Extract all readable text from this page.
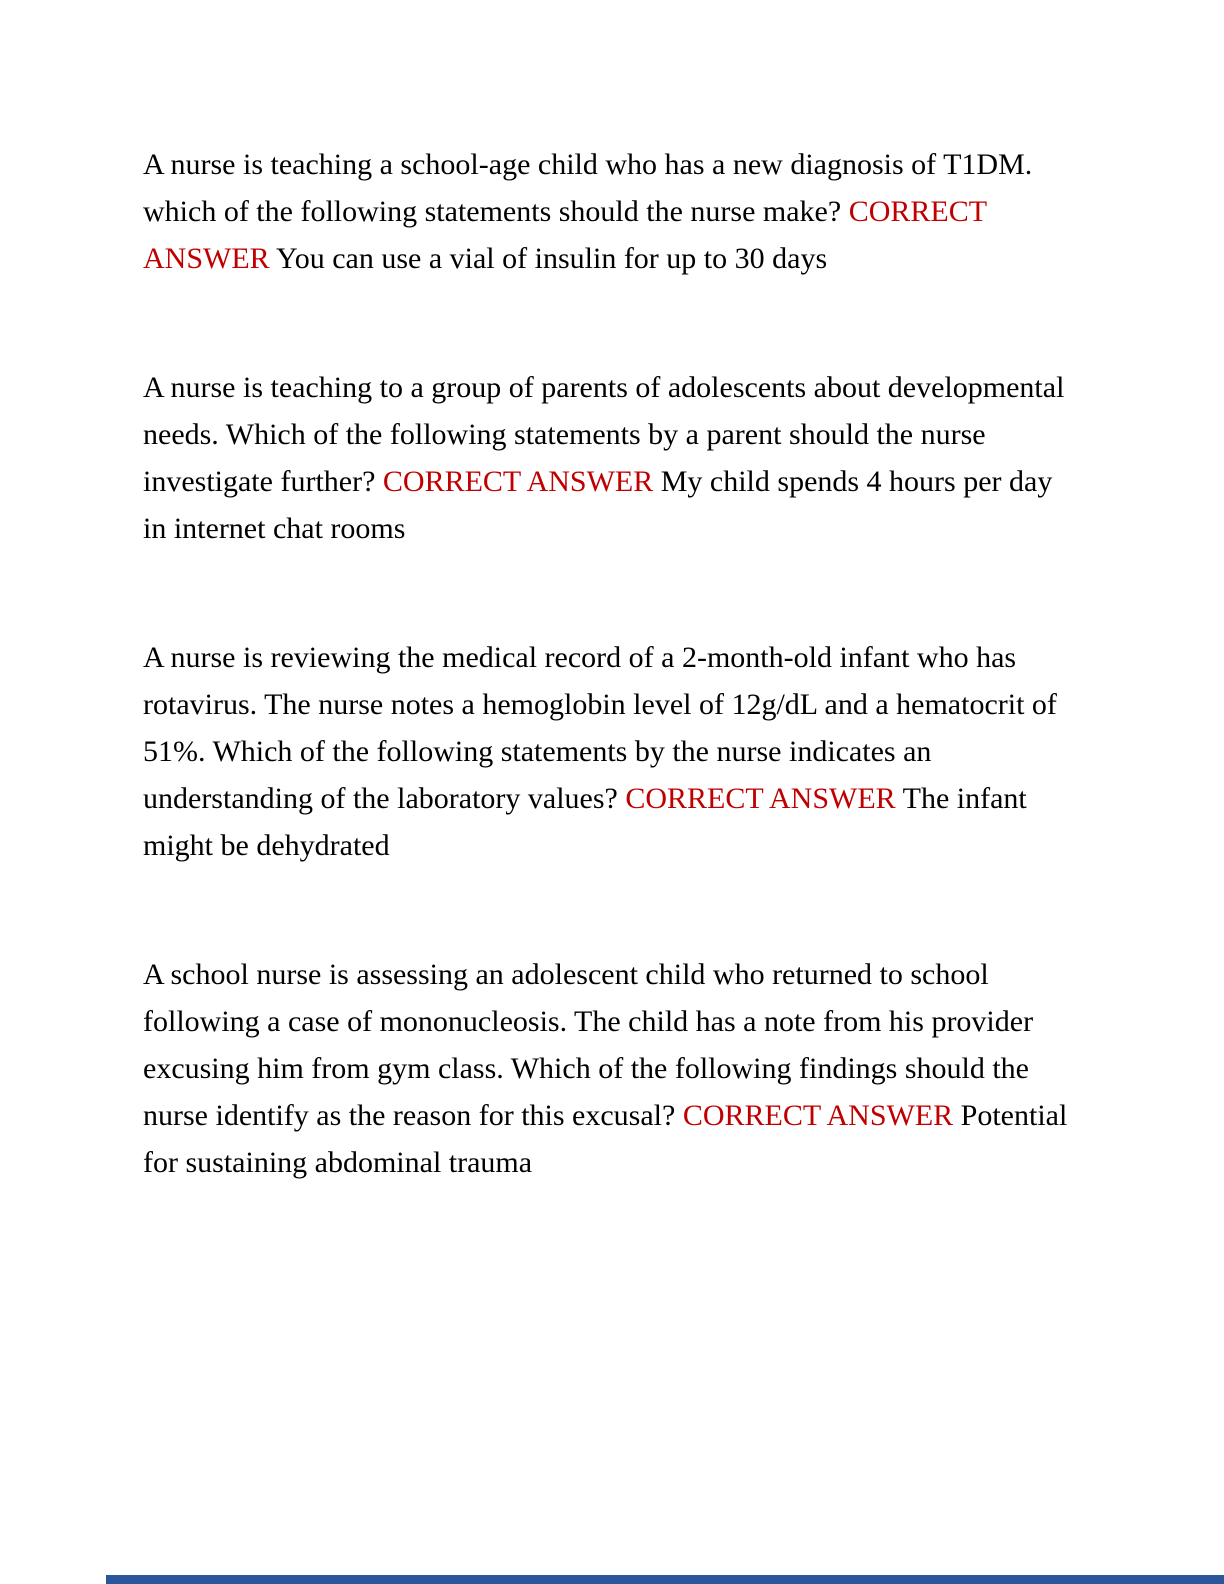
A nurse is teaching a school-age child who has a new diagnosis of T1DM. which of the following statements should the nurse make? CORRECT ANSWER You can use a vial of insulin for up to 30 days

A nurse is teaching to a group of parents of adolescents about developmental needs. Which of the following statements by a parent should the nurse investigate further? CORRECT ANSWER My child spends 4 hours per day in internet chat rooms

A nurse is reviewing the medical record of a 2-month-old infant who has rotavirus. The nurse notes a hemoglobin level of 12g/dL and a hematocrit of 51%. Which of the following statements by the nurse indicates an understanding of the laboratory values? CORRECT ANSWER The infant might be dehydrated

A school nurse is assessing an adolescent child who returned to school following a case of mononucleosis. The child has a note from his provider excusing him from gym class. Which of the following findings should the nurse identify as the reason for this excusal? CORRECT ANSWER Potential for sustaining abdominal trauma
